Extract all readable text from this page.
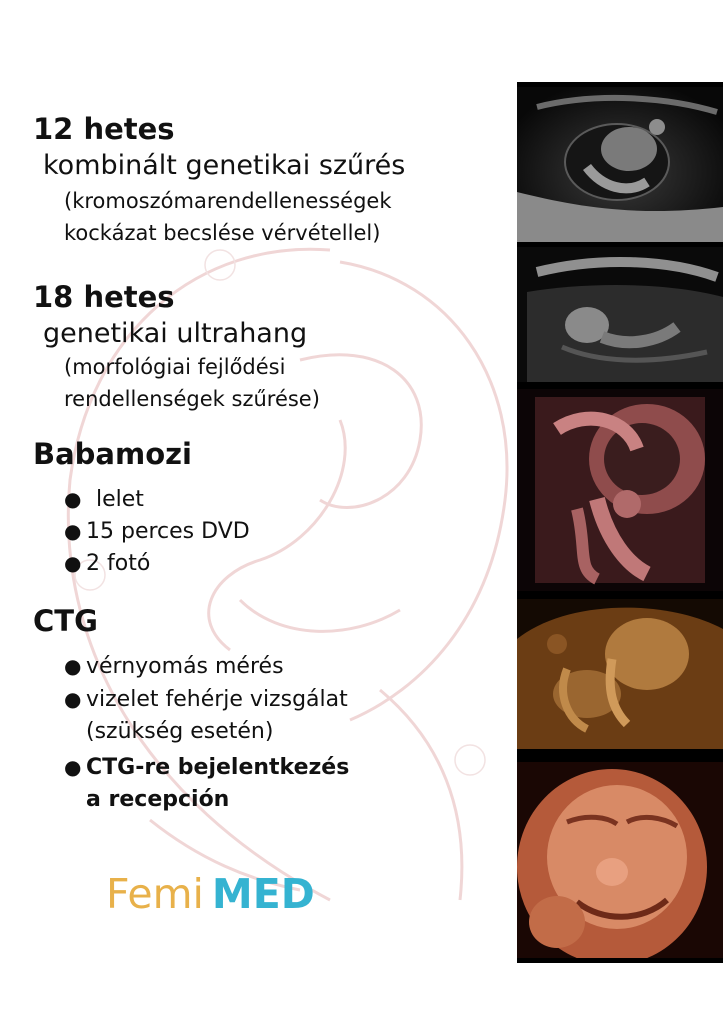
12 hetes
kombinált genetikai szűrés
(kromoszómarendellenességek
kockázat becslése vérvétellel)
18 hetes
genetikai ultrahang
(morfológiai fejlődési
rendellenségek szűrése)
Babamozi
● lelet
● 15 perces DVD
● 2 fotó
CTG
● vérnyomás mérés
● vizelet fehérje vizsgálat
(szükség esetén)
● CTG-re bejelentkezés
a recepción
Femi MED
